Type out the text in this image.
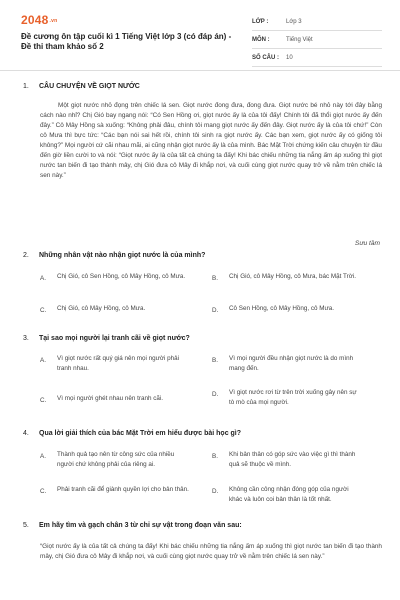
$2048^{.vn}$
Đề cương ôn tập cuối kì 1 Tiếng Việt lớp 3 (có đáp án) - Đề thi tham khảo số 2
LỚP :	Lớp 3
MÔN :	Tiếng Việt
SỐ CÂU :	10
1. CÂU CHUYỆN VỀ GIỌT NƯỚC
Một giọt nước nhỏ đọng trên chiếc lá sen. Giọt nước đong đưa, đong đưa. Giọt nước bé nhỏ này tới đây bằng cách nào nhỉ? Chị Gió bay ngang nói: “Có Sen Hồng ơi, giọt nước ấy là của tôi đấy! Chính tôi đã thổi giọt nước ấy đến đây.” Cô Mây Hồng sà xuống: “Không phải đâu, chính tôi mang giọt nước ấy đến đây. Giọt nước ấy là của tôi chứ!” Còn cô Mưa thì bực tức: “Các bạn nói sai hết rồi, chính tôi sinh ra giọt nước ấy. Các bạn xem, giọt nước ấy có giống tôi không?” Mọi người cứ cãi nhau mãi, ai cũng nhận giọt nước ấy là của mình. Bác Mặt Trời chứng kiến câu chuyện từ đầu đến giờ liền cười to và nói: “Giọt nước ấy là của tất cả chúng ta đấy! Khi bác chiếu những tia nắng ấm áp xuống thì giọt nước tan biến đi tạo thành mây, chị Gió đưa cô Mây đi khắp nơi, và cuối cùng giọt nước quay trở về nằm trên chiếc lá sen này.”
Sưu tầm
2. Những nhân vật nào nhận giọt nước là của mình?
A.	Chị Gió, cô Sen Hồng, cô Mây Hồng, cô Mưa.	B.	Chị Gió, cô Mây Hồng, cô Mưa, bác Mặt Trời.
C.	Chị Gió, cô Mây Hồng, cô Mưa.	D.	Cô Sen Hồng, cô Mây Hồng, cô Mưa.
3. Tại sao mọi người lại tranh cãi về giọt nước?
A.	Vì giọt nước rất quý giá nên mọi người phải tranh nhau.
B.	Vì mọi người đều nhận giọt nước là do mình mang đến.
C.	Vì mọi người ghét nhau nên tranh cãi.
D.	Vì giọt nước rơi từ trên trời xuống gây nên sự tò mò của mọi người.
4. Qua lời giải thích của bác Mặt Trời em hiểu được bài học gì?
A.	Thành quả tạo nên từ công sức của nhiều người chứ không phải của riêng ai.
B.	Khi bản thân có góp sức vào việc gì thì thành quả sẽ thuộc về mình.
C.	Phải tranh cãi để giành quyền lợi cho bản thân.	D.	Không cần công nhận đóng góp của người khác và luôn coi bản thân là tốt nhất.
5. Em hãy tìm và gạch chân 3 từ chỉ sự vật trong đoạn văn sau:
“Giọt nước ấy là của tất cả chúng ta đấy! Khi bác chiếu những tia nắng ấm áp xuống thì giọt nước tan biến đi tạo thành mây, chị Gió đưa cô Mây đi khắp nơi, và cuối cùng giọt nước quay trở về nằm trên chiếc lá sen này.”
